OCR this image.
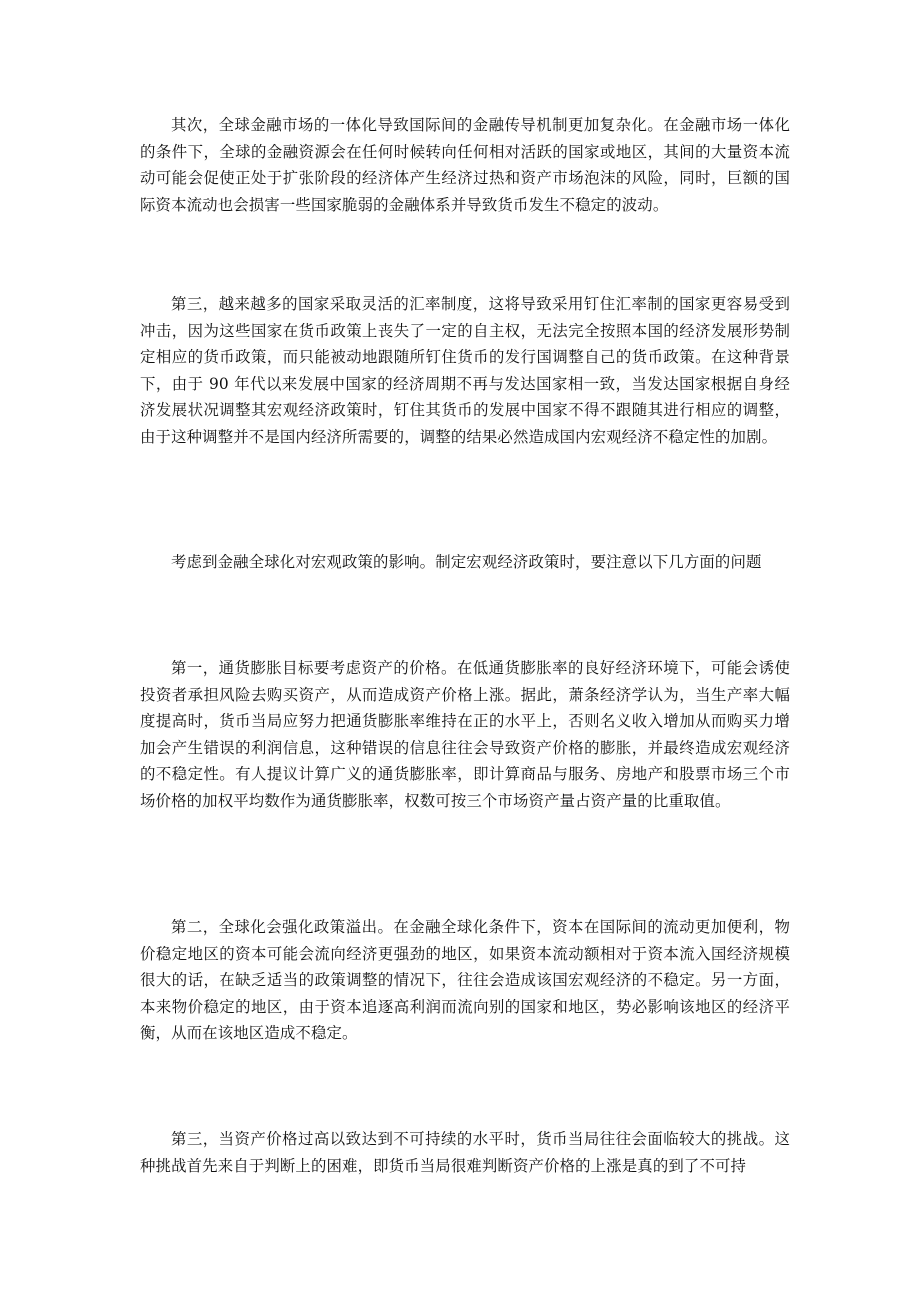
其次，全球金融市场的一体化导致国际间的金融传导机制更加复杂化。在金融市场一体化的条件下，全球的金融资源会在任何时候转向任何相对活跃的国家或地区，其间的大量资本流动可能会促使正处于扩张阶段的经济体产生经济过热和资产市场泡沫的风险，同时，巨额的国际资本流动也会损害一些国家脆弱的金融体系并导致货币发生不稳定的波动。

第三，越来越多的国家采取灵活的汇率制度，这将导致采用钉住汇率制的国家更容易受到冲击，因为这些国家在货币政策上丧失了一定的自主权，无法完全按照本国的经济发展形势制定相应的货币政策，而只能被动地跟随所钉住货币的发行国调整自己的货币政策。在这种背景下，由于 90 年代以来发展中国家的经济周期不再与发达国家相一致，当发达国家根据自身经济发展状况调整其宏观经济政策时，钉住其货币的发展中国家不得不跟随其进行相应的调整，由于这种调整并不是国内经济所需要的，调整的结果必然造成国内宏观经济不稳定性的加剧。

考虑到金融全球化对宏观政策的影响。制定宏观经济政策时，要注意以下几方面的问题

第一，通货膨胀目标要考虑资产的价格。在低通货膨胀率的良好经济环境下，可能会诱使投资者承担风险去购买资产，从而造成资产价格上涨。据此，萧条经济学认为，当生产率大幅度提高时，货币当局应努力把通货膨胀率维持在正的水平上，否则名义收入增加从而购买力增加会产生错误的利润信息，这种错误的信息往往会导致资产价格的膨胀，并最终造成宏观经济的不稳定性。有人提议计算广义的通货膨胀率，即计算商品与服务、房地产和股票市场三个市场价格的加权平均数作为通货膨胀率，权数可按三个市场资产量占资产量的比重取值。

第二，全球化会强化政策溢出。在金融全球化条件下，资本在国际间的流动更加便利，物价稳定地区的资本可能会流向经济更强劲的地区，如果资本流动额相对于资本流入国经济规模很大的话，在缺乏适当的政策调整的情况下，往往会造成该国宏观经济的不稳定。另一方面，本来物价稳定的地区，由于资本追逐高利润而流向别的国家和地区，势必影响该地区的经济平衡，从而在该地区造成不稳定。

第三，当资产价格过高以致达到不可持续的水平时，货币当局往往会面临较大的挑战。这种挑战首先来自于判断上的困难，即货币当局很难判断资产价格的上涨是真的到了不可持
